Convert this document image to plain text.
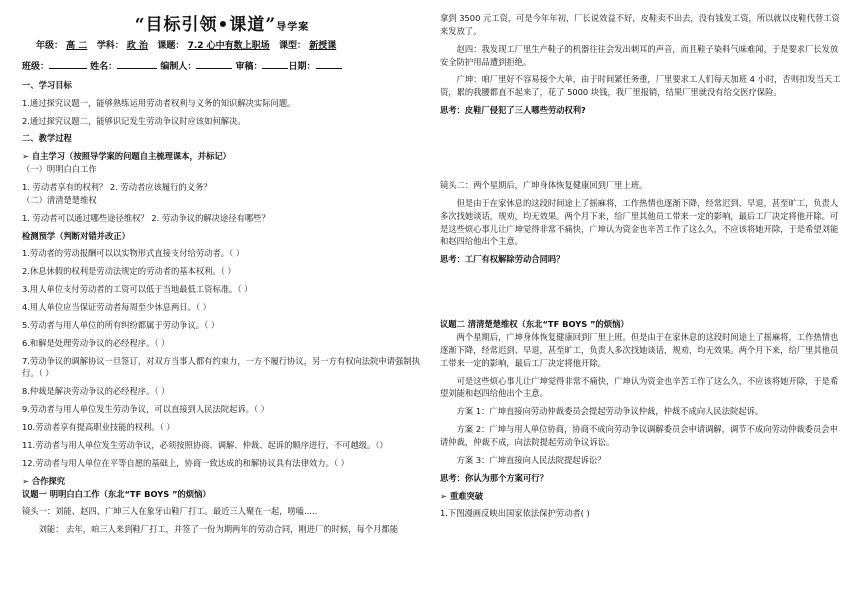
“目标引领•课道”导学案
年级： 高 二 学科： 政 治 课题： 7.2 心中有数上职场 课型： 新授课
班级：	姓名：	编制人：	审稿：	日期：

一、学习目标

1.通过探究议题一，能够熟练运用劳动者权利与义务的知识解决实际问题。

2.通过探究议题二，能够识记发生劳动争议时应该如何解决。

二、教学过程

➢ 自主学习（按照导学案的问题自主梳理课本，并标记）

（一）明明白白工作

1. 劳动者享有的权利？ 2. 劳动者应该履行的义务？

（二）清清楚楚维权

1. 劳动者可以通过哪些途径维权？ 2. 劳动争议的解决途径有哪些？

检测预学（判断对错并改正）

1.劳动者的劳动报酬可以以实物形式直接支付给劳动者。（ ）

2.休息休假的权利是劳动法规定的劳动者的基本权利。（ ）

3.用人单位支付劳动者的工资可以低于当地最低工资标准。（ ）

4.用人单位应当保证劳动者每周至少休息两日。（ ）

5.劳动者与用人单位的所有纠纷都属于劳动争议。（ ）

6.和解是处理劳动争议的必经程序。（ ）

7.劳动争议的调解协议一旦签订，对双方当事人都有约束力，一方不履行协议，另一方有权向法院申请强制执行。（ ）

8.仲裁是解决劳动争议的必经程序。（ ）

9.劳动者与用人单位发生劳动争议，可以直接到人民法院起诉。（ ）

10.劳动者享有提高职业技能的权利。（ ）

11.劳动者与用人单位发生劳动争议，必须按照协商、调解、仲裁、起诉的顺序进行，不可越级。（）

12.劳动者与用人单位在平等自愿的基础上，协商一致达成的和解协议具有法律效力。（ ）

➢ 合作探究

议题一 明明白白工作（东北“TF BOYS ”的烦恼）

镜头一：刘能、赵四、广坤三人在象牙山鞋厂打工。最近三人聚在一起，唠嗑.....

刘能： 去年，咱三人来到鞋厂打工，并签了一份为期两年的劳动合同，刚进厂的时候，每个月都能

拿到 3500 元工资，可是今年年初，厂长说效益不好，皮鞋卖不出去，没有钱发工资，所以就以皮鞋代替工资来发放了。

赵四：我发现工厂里生产鞋子的机器往往会发出刺耳的声音，而且鞋子染料气味难闻，于是要求厂长发放安全防护用品遭到拒绝。

广坤：咱厂里好不容易接个大单，由于时间紧任务重，厂里要求工人们每天加班 4 小时，否则扣发当天工资，累的我腰都直不起来了，花了 5000 块钱，我厂里报销，结果厂里就没有给交医疗保险。

思考：皮鞋厂侵犯了三人哪些劳动权利?

镜头二：两个星期后，广坤身体恢复健康回到厂里上班。

但是由于在家休息的这段时间途上了摇麻将，工作热情也逐渐下降，经常迟到、早退，甚至旷工，负责人多次找她谈话，规劝，均无效果。两个月下来，给厂里其他员工带来一定的影响，最后工厂决定将他开除。可是这些烦心事儿让广坤觉得非常不痛快，广坤认为资金也辛苦工作了这么久，不应该将她开除，于是希望刘能和赵四给他出个主意。

思考：工厂有权解除劳动合同吗？

议题二 清清楚楚维权（东北“TF BOYS ”的烦恼）

两个星期后，广坤身体恢复健康回到厂里上班。但是由于在家休息的这段时间途上了摇麻将，工作热情也逐渐下降，经常迟到、早退，甚至旷工，负责人多次找她谈话，规劝，均无效果。两个月下来，给厂里其他员工带来一定的影响，最后工厂决定将他开除。

可是这些烦心事儿让广坤觉得非常不痛快，广坤认为资金也辛苦工作了这么久，不应该将她开除，于是希望刘能和赵四给他出个主意。

方案 1：广坤直接向劳动仲裁委员会提起劳动争议仲裁，仲裁不成向人民法院起诉。

方案 2：广坤与用人单位协商，协商不成向劳动争议调解委员会申请调解，调节不成向劳动仲裁委员会申请仲裁，仲裁不成，向法院提起劳动争议诉讼。

方案 3：广坤直接向人民法院提起诉讼？

思考：你认为那个方案可行？

➢ 重难突破

1.下图漫画反映出国家依法保护劳动者( )
